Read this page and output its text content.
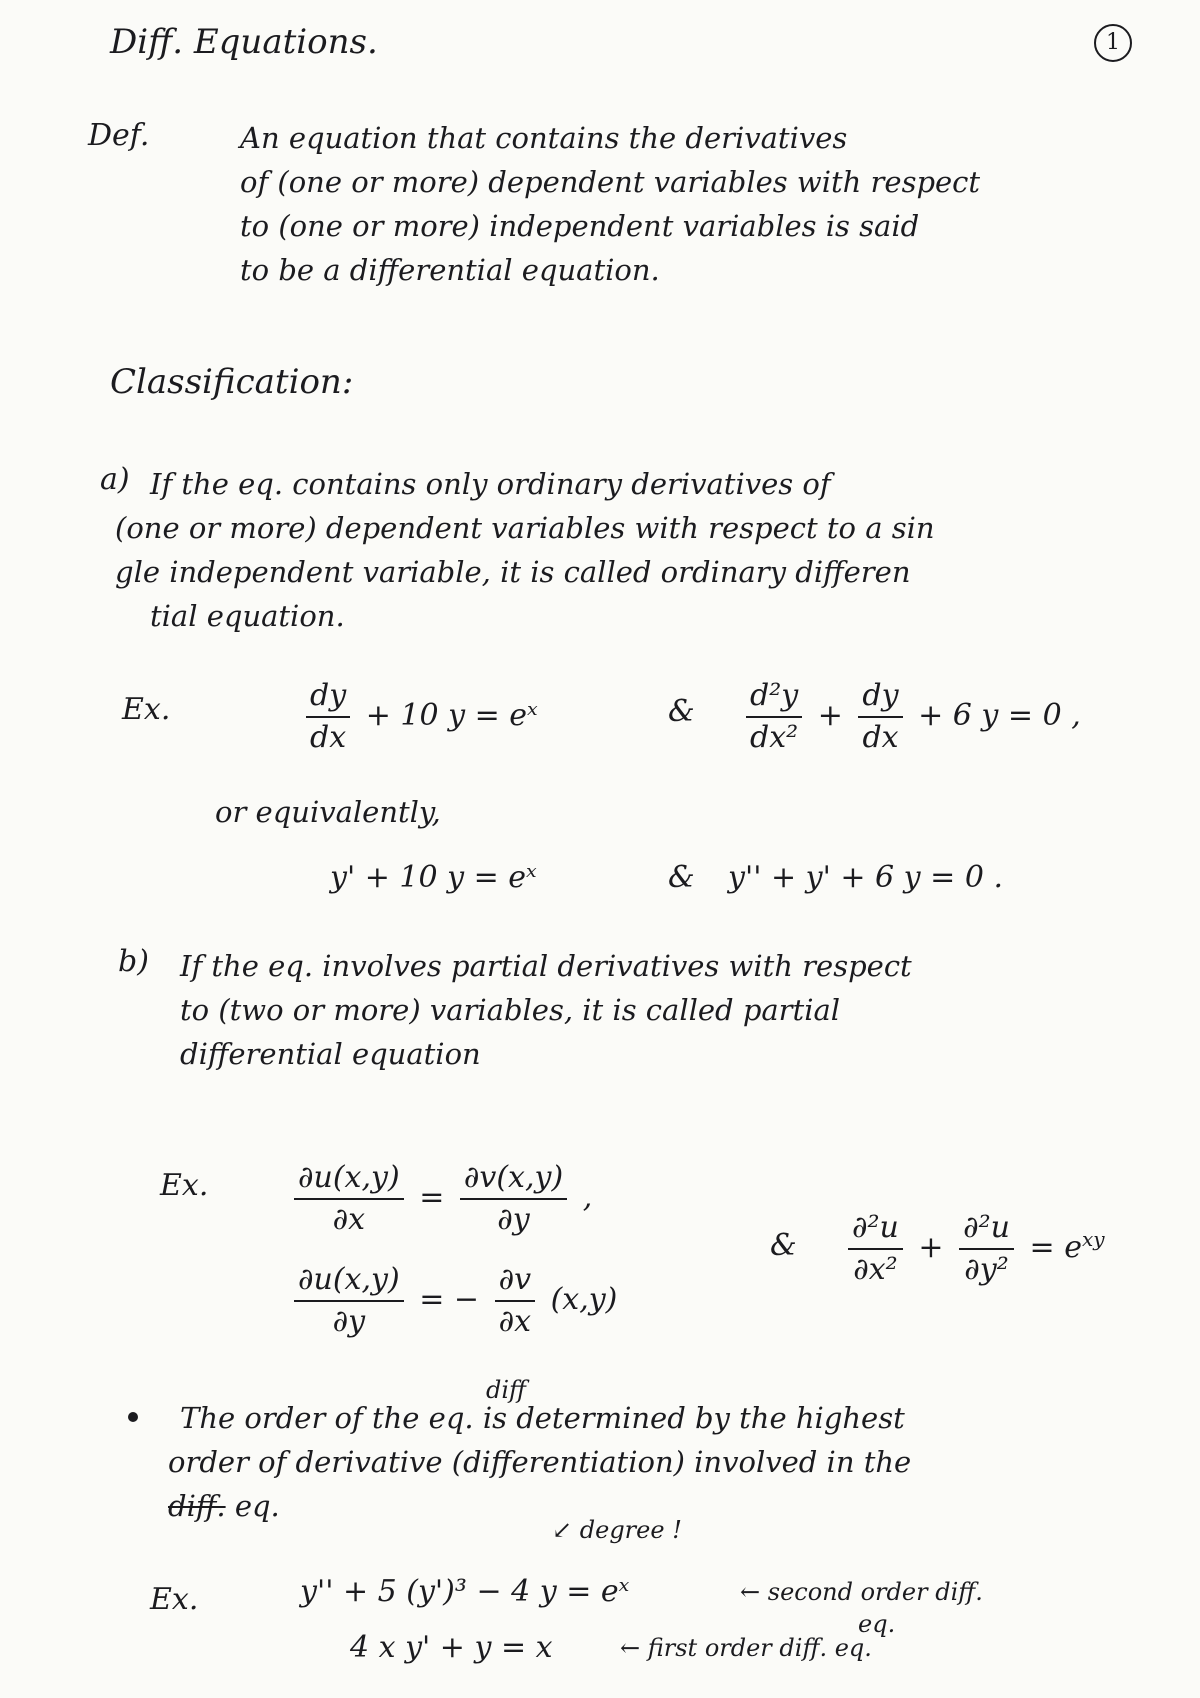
Diff. Equations.	1
Def.	An equation that contains the derivatives
of (one or more) dependent variables with respect
to (one or more) independent variables is said
to be a differential equation.
Classification:
a) If the eq. contains only ordinary derivatives of
(one or more) dependent variables with respect to a sin
gle independent variable, it is called ordinary differen
tial equation.
Ex.	$\frac{dy}{dx} + 10$ y = eˣ	& $\frac{\text{d²y}}{\text{dx²}} + \frac{dy}{dx} + 6$ y = 0 ,
or equivalently,
y' + 10 y = eˣ	& y'' + y' + 6 y = 0 .
b) If the eq. involves partial derivatives with respect
to (two or more) variables, it is called partial
differential equation
Ex.	$\frac{\partial u(x,y)}{\partial x} = \frac{\partial v(x,y)}{\partial y}$ ,
$\frac{\partial u(x,y)}{\partial y}$ = − $\frac{\partial v}{\partial x} (x,y)$
& $\frac{\text{∂²u}}{\text{∂x²}} + \frac{\text{∂²u}}{\text{∂y²}} = e^{xy}$
diff
The order of the eq. is determined by the highest
order of derivative (differentiation) involved in the
diff. eq.
↙ degree !
Ex.	y'' + 5 (y')³ − 4 y = eˣ	← second order diff.
eq.
4 x y' + y = x	← first order diff. eq.
